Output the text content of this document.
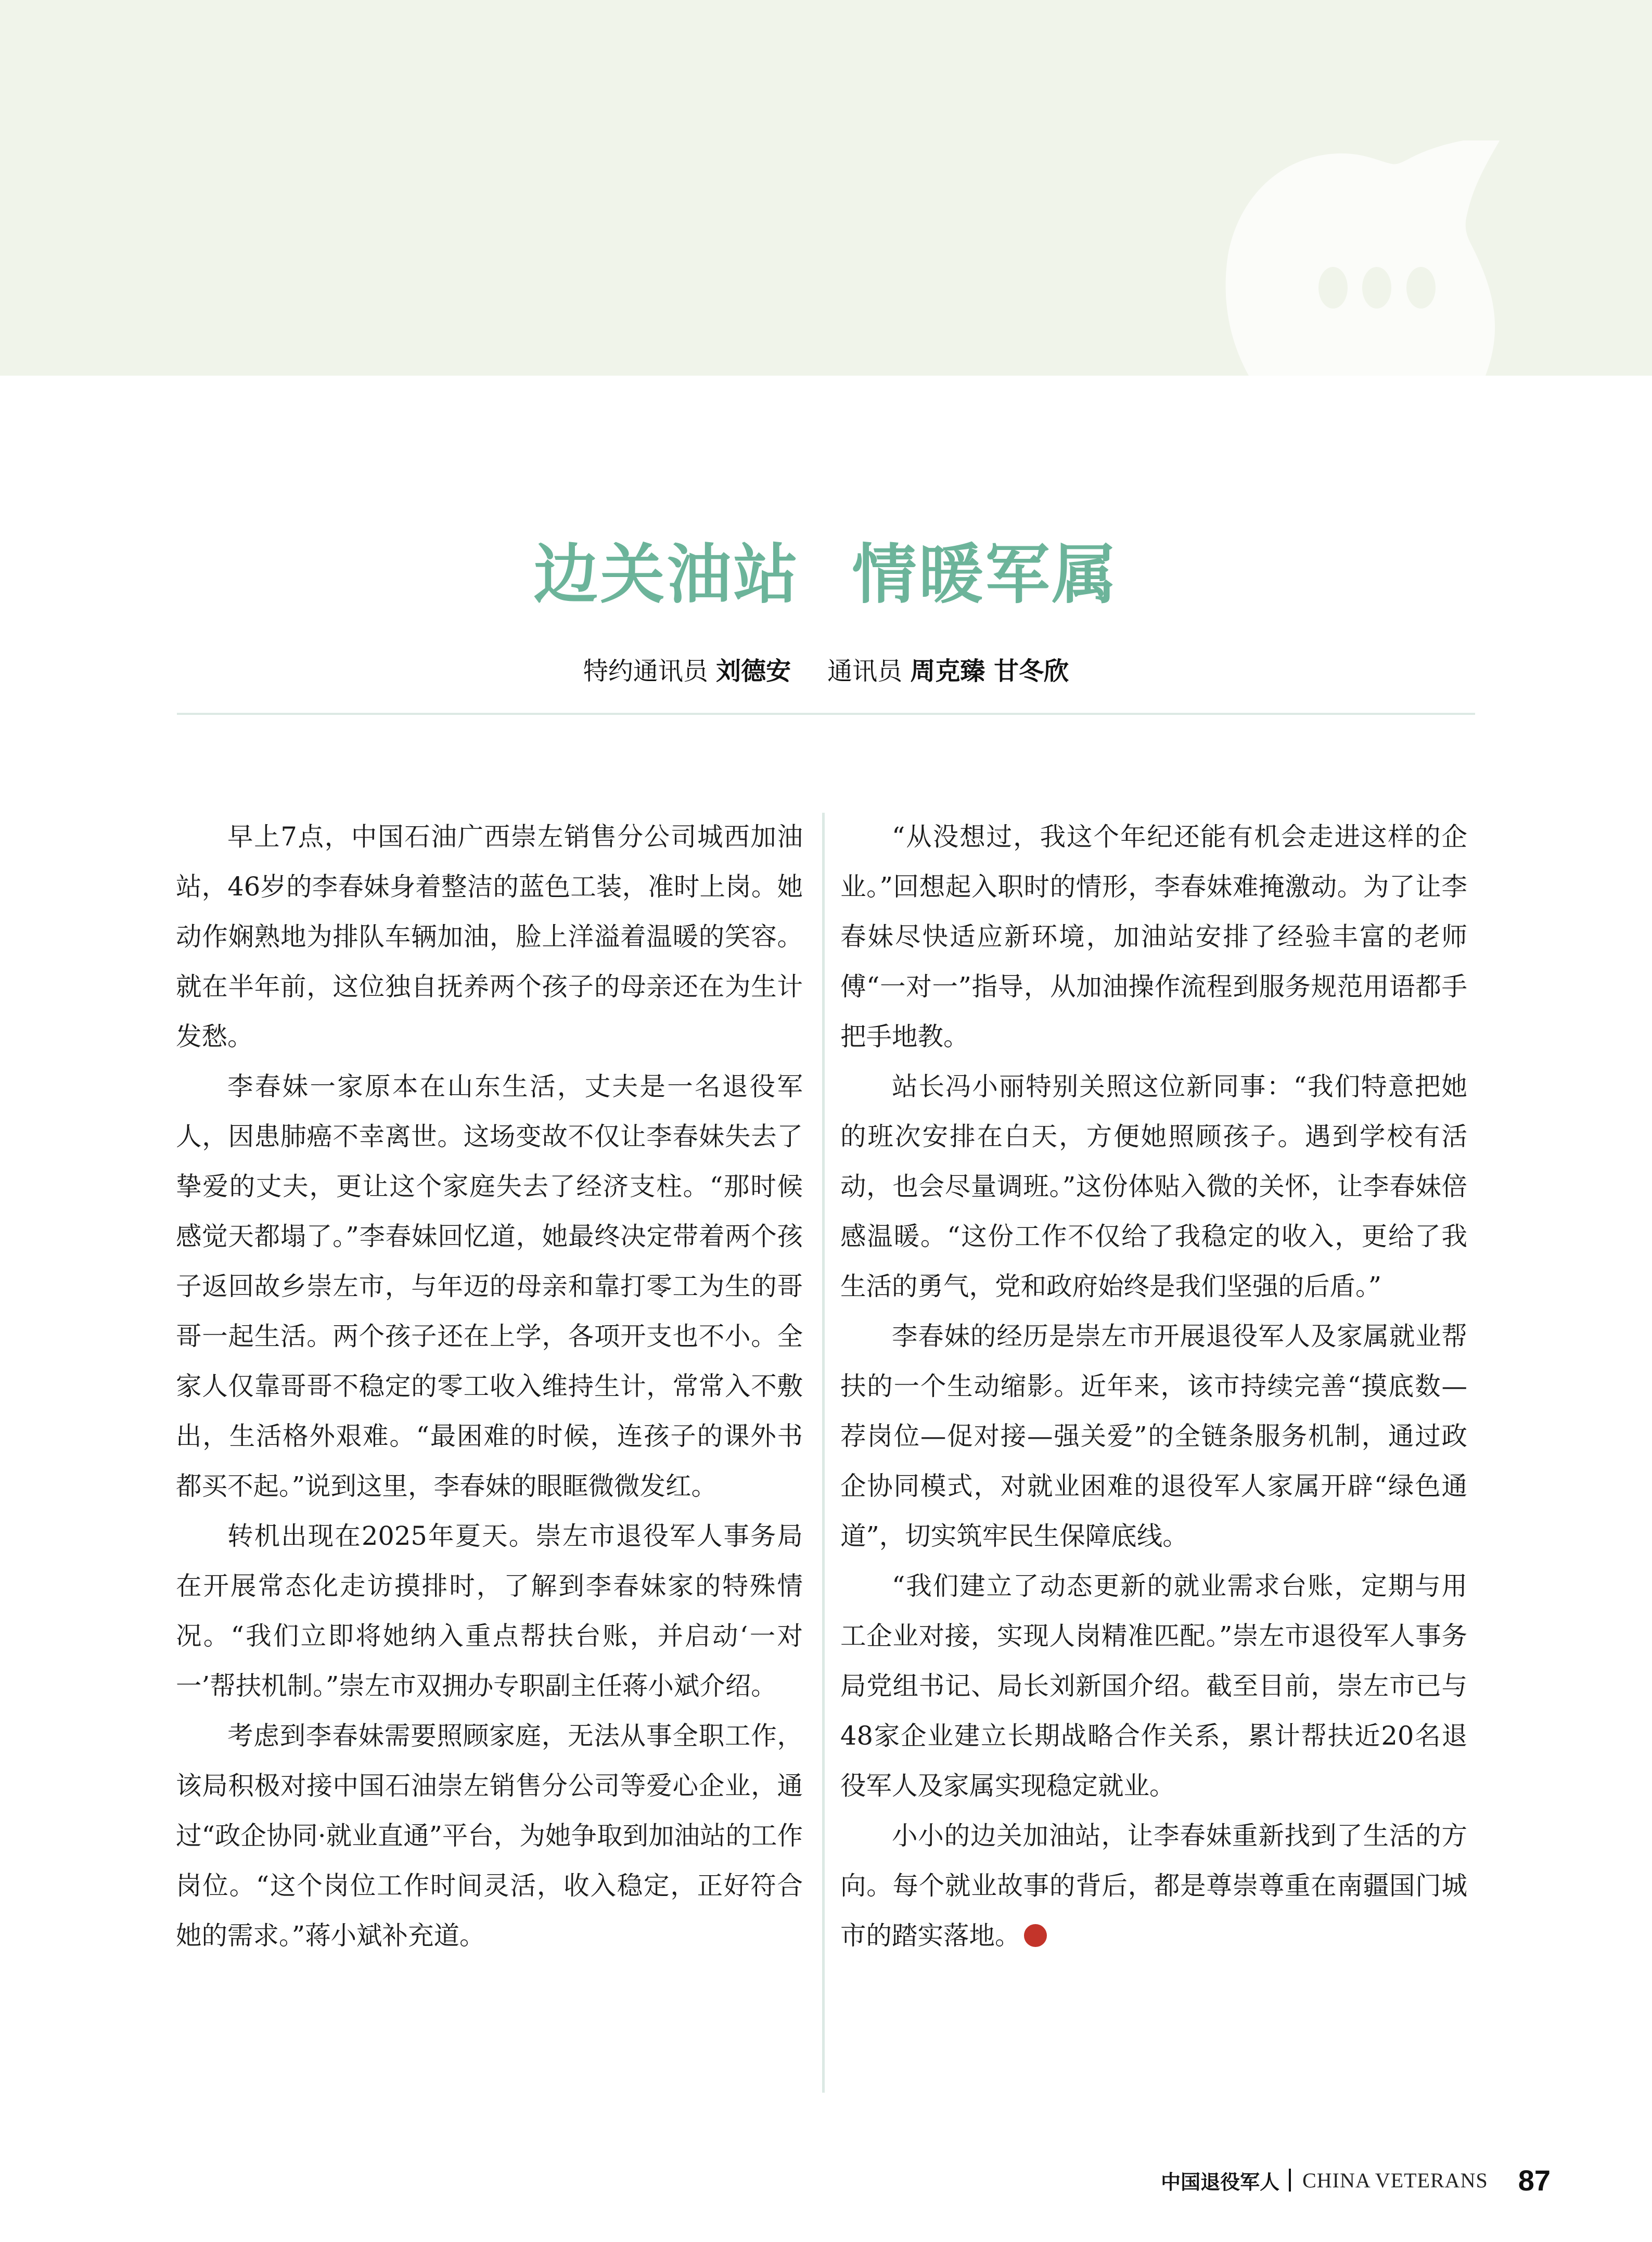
边关油站 情暖军属
特约通讯员 刘德安 通讯员 周克臻 甘冬欣

早上7点，中国石油广西崇左销售分公司城西加油站，46岁的李春妹身着整洁的蓝色工装，准时上岗。她动作娴熟地为排队车辆加油，脸上洋溢着温暖的笑容。就在半年前，这位独自抚养两个孩子的母亲还在为生计发愁。

李春妹一家原本在山东生活，丈夫是一名退役军人，因患肺癌不幸离世。这场变故不仅让李春妹失去了挚爱的丈夫，更让这个家庭失去了经济支柱。“那时候感觉天都塌了。”李春妹回忆道，她最终决定带着两个孩子返回故乡崇左市，与年迈的母亲和靠打零工为生的哥哥一起生活。两个孩子还在上学，各项开支也不小。全家人仅靠哥哥不稳定的零工收入维持生计，常常入不敷出，生活格外艰难。“最困难的时候，连孩子的课外书都买不起。”说到这里，李春妹的眼眶微微发红。

转机出现在2025年夏天。崇左市退役军人事务局在开展常态化走访摸排时，了解到李春妹家的特殊情况。“我们立即将她纳入重点帮扶台账，并启动‘一对一’帮扶机制。”崇左市双拥办专职副主任蒋小斌介绍。

考虑到李春妹需要照顾家庭，无法从事全职工作，该局积极对接中国石油崇左销售分公司等爱心企业，通过“政企协同·就业直通”平台，为她争取到加油站的工作岗位。“这个岗位工作时间灵活，收入稳定，正好符合她的需求。”蒋小斌补充道。

“从没想过，我这个年纪还能有机会走进这样的企业。”回想起入职时的情形，李春妹难掩激动。为了让李春妹尽快适应新环境，加油站安排了经验丰富的老师傅“一对一”指导，从加油操作流程到服务规范用语都手把手地教。

站长冯小丽特别关照这位新同事：“我们特意把她的班次安排在白天，方便她照顾孩子。遇到学校有活动，也会尽量调班。”这份体贴入微的关怀，让李春妹倍感温暖。“这份工作不仅给了我稳定的收入，更给了我生活的勇气，党和政府始终是我们坚强的后盾。”

李春妹的经历是崇左市开展退役军人及家属就业帮扶的一个生动缩影。近年来，该市持续完善“摸底数—荐岗位—促对接—强关爱”的全链条服务机制，通过政企协同模式，对就业困难的退役军人家属开辟“绿色通道”，切实筑牢民生保障底线。

“我们建立了动态更新的就业需求台账，定期与用工企业对接，实现人岗精准匹配。”崇左市退役军人事务局党组书记、局长刘新国介绍。截至目前，崇左市已与48家企业建立长期战略合作关系，累计帮扶近20名退役军人及家属实现稳定就业。

小小的边关加油站，让李春妹重新找到了生活的方向。每个就业故事的背后，都是尊崇尊重在南疆国门城市的踏实落地。	V

中国退役军人 CHINA VETERANS 87
